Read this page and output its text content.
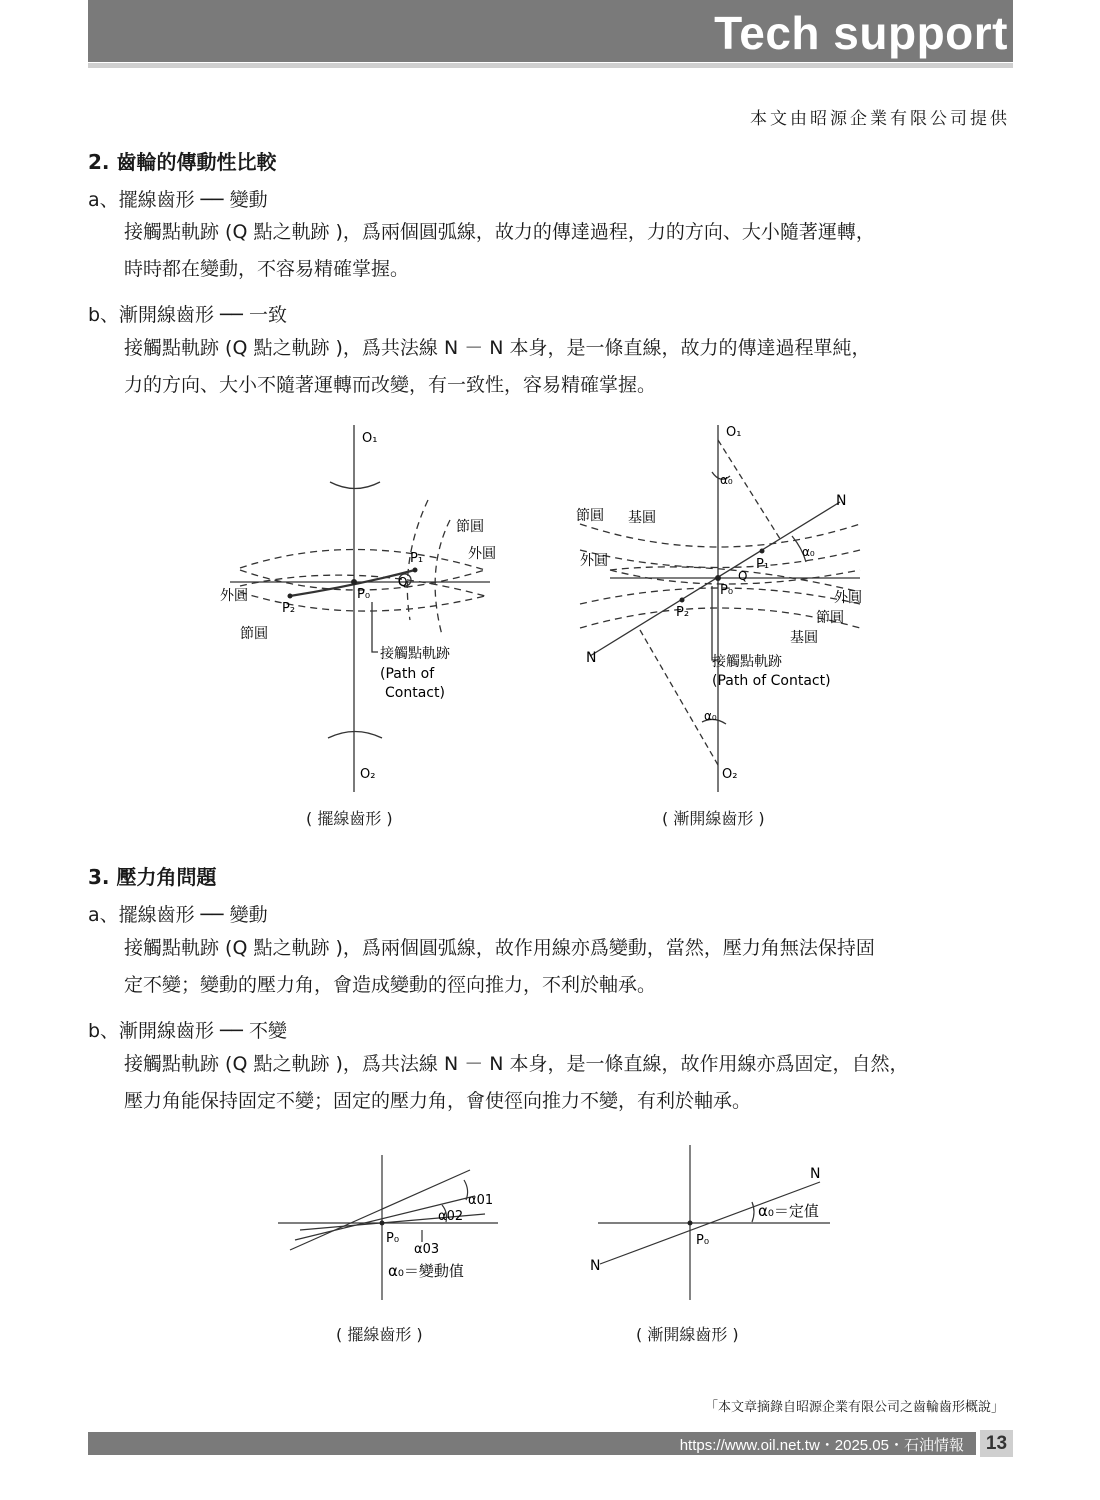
Tech support
本文由昭源企業有限公司提供
2. 齒輪的傳動性比較
a、擺線齒形 ── 變動
接觸點軌跡 (Q 點之軌跡 )，爲兩個圓弧線，故力的傳達過程，力的方向、大小隨著運轉，
時時都在變動，不容易精確掌握。
b、漸開線齒形 ── 一致
接觸點軌跡 (Q 點之軌跡 )，爲共法線 N － N 本身，是一條直線，故力的傳達過程單純，
力的方向、大小不隨著運轉而改變，有一致性，容易精確掌握。
O₁
O₂
P₀
P₁
P₂
Q
節圓
外圓
外圓
節圓
接觸點軌跡
(Path of
Contact)
( 擺線齒形 )
O₁
O₂
P₀
P₁
P₂
Q
N
N
α₀
α₀
α₀
節圓 基圓
外圓
外圓
節圓
基圓
接觸點軌跡
(Path of Contact)
( 漸開線齒形 )
3. 壓力角問題
a、擺線齒形 ── 變動
接觸點軌跡 (Q 點之軌跡 )，爲兩個圓弧線，故作用線亦爲變動，當然，壓力角無法保持固
定不變；變動的壓力角，會造成變動的徑向推力，不利於軸承。
b、漸開線齒形 ── 不變
接觸點軌跡 (Q 點之軌跡 )，爲共法線 N － N 本身，是一條直線，故作用線亦爲固定，自然，
壓力角能保持固定不變；固定的壓力角，會使徑向推力不變，有利於軸承。
α01
α02
α03
P₀
α₀＝變動值
( 擺線齒形 )
N
N
P₀
α₀＝定值
( 漸開線齒形 )
「本文章摘錄自昭源企業有限公司之齒輪齒形概說」
https://www.oil.net.tw・2025.05・石油情報	13
